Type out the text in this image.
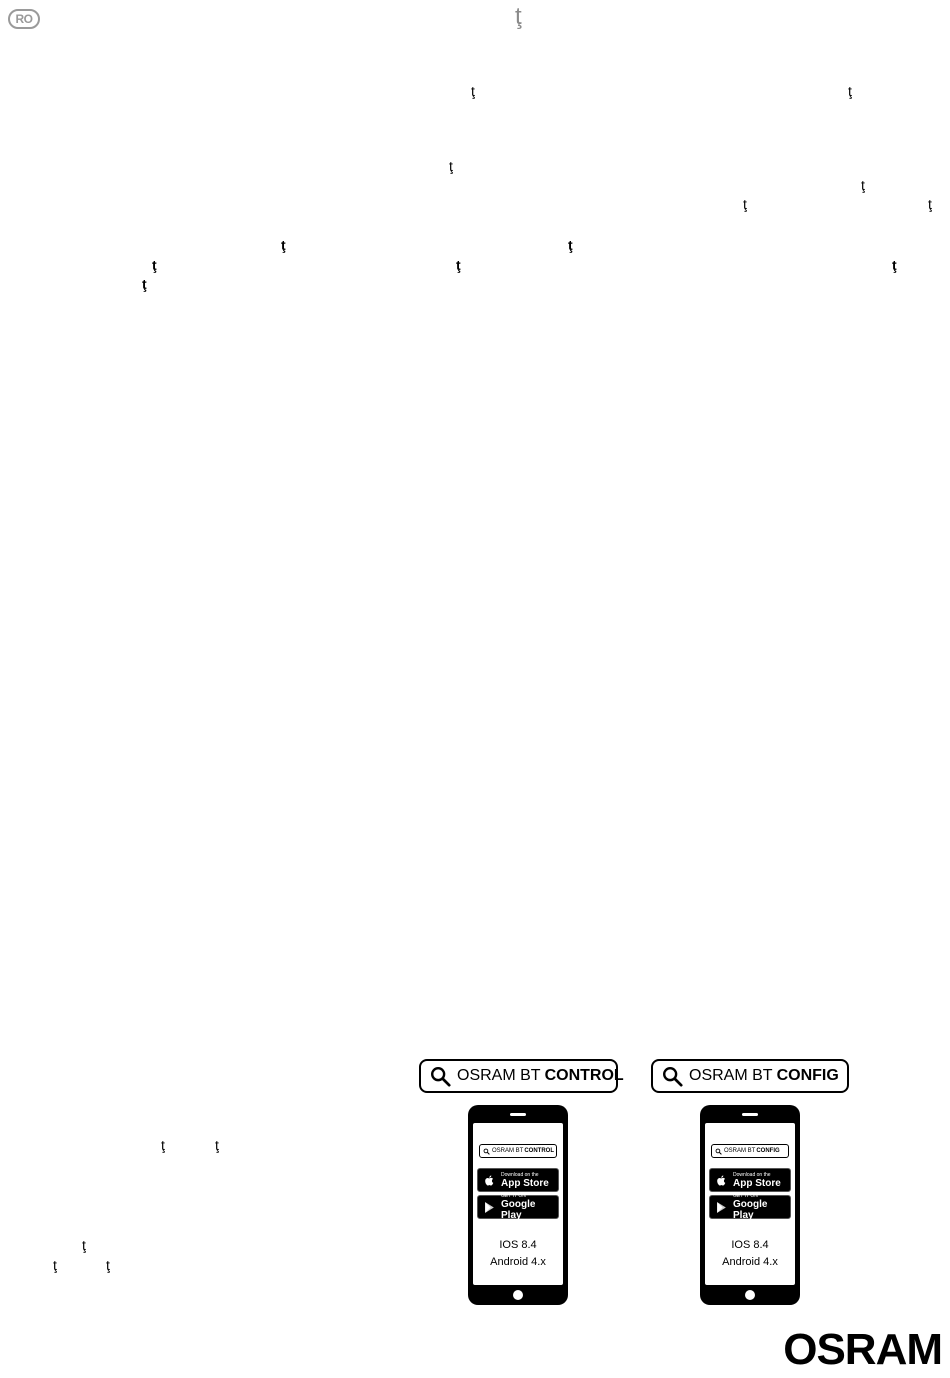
RO	ţ
ţ	ţ
ţ
ţ
ţ	ţ
ţ	ţ
ţ	ţ	ţ
ţ
ţ	ţ
ţ
ţ	ţ
OSRAM BT CONTROL
OSRAM BT CONTROL
Download on the
App Store
GET IT ON
Google Play
IOS 8.4
Android 4.x
OSRAM BT CONFIG
OSRAM BT CONFIG
Download on the
App Store
GET IT ON
Google Play
IOS 8.4
Android 4.x
OSRAM
